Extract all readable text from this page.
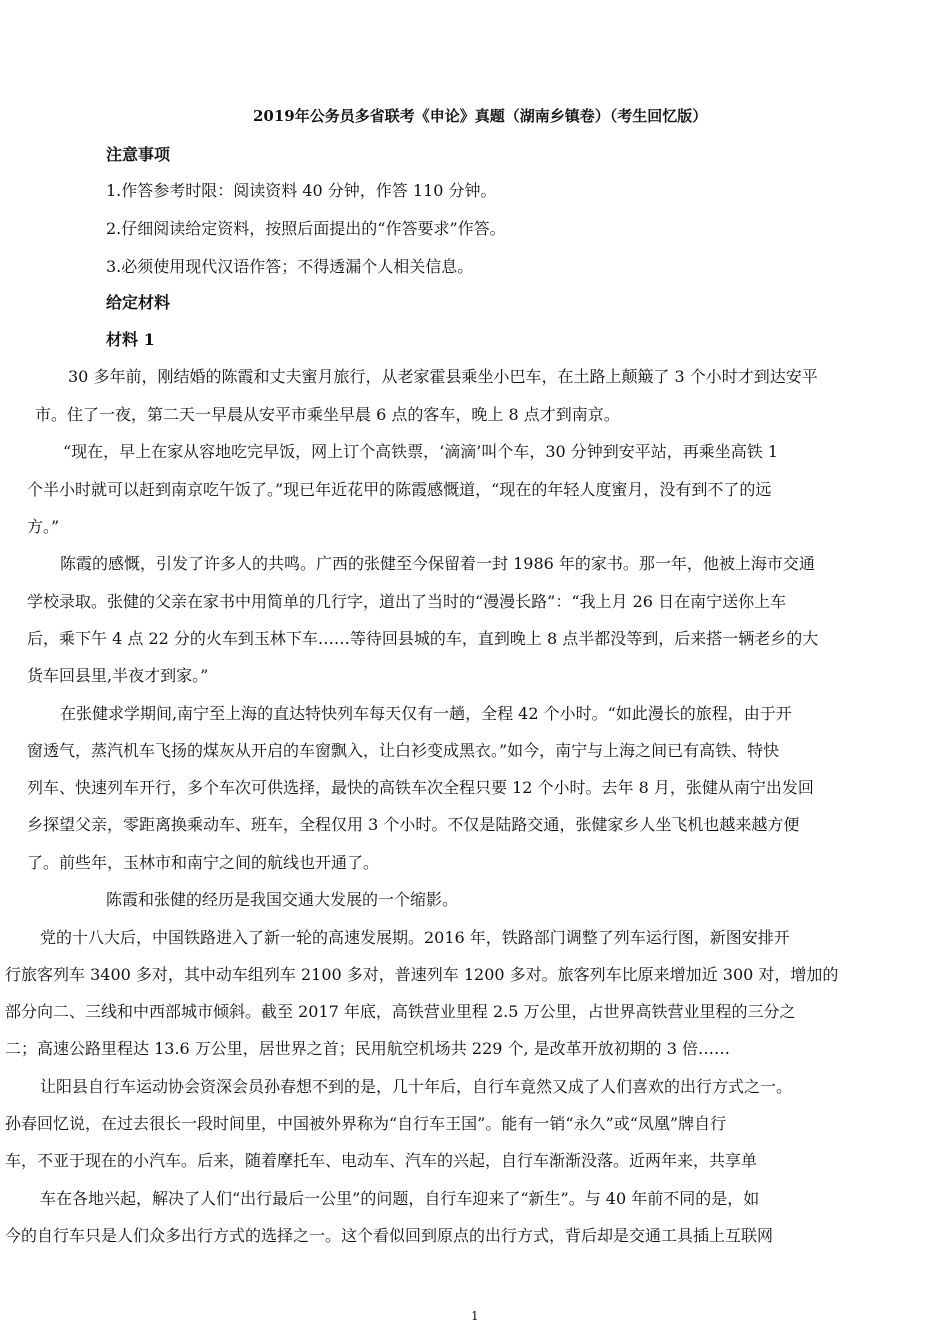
2019年公务员多省联考《申论》真题（湖南乡镇卷）（考生回忆版）
注意事项
1.作答参考时限：阅读资料 40 分钟，作答 110 分钟。
2.仔细阅读给定资料，按照后面提出的“作答要求”作答。
3.必须使用现代汉语作答；不得透漏个人相关信息。
给定材料
材料 1
30 多年前，刚结婚的陈霞和丈夫蜜月旅行，从老家霍县乘坐小巴车，在土路上颠簸了 3 个小时才到达安平
市。住了一夜，第二天一早晨从安平市乘坐早晨 6 点的客车，晚上 8 点才到南京。
“现在，早上在家从容地吃完早饭，网上订个高铁票，‘滴滴’叫个车，30 分钟到安平站，再乘坐高铁 1
个半小时就可以赶到南京吃午饭了。”现已年近花甲的陈霞感慨道，“现在的年轻人度蜜月，没有到不了的远
方。”
陈霞的感慨，引发了许多人的共鸣。广西的张健至今保留着一封 1986 年的家书。那一年，他被上海市交通
学校录取。张健的父亲在家书中用简单的几行字，道出了当时的“漫漫长路”：“我上月 26 日在南宁送你上车
后，乘下午 4 点 22 分的火车到玉林下车……等待回县城的车，直到晚上 8 点半都没等到，后来搭一辆老乡的大
货车回县里,半夜才到家。”
在张健求学期间,南宁至上海的直达特快列车每天仅有一趟，全程 42 个小时。“如此漫长的旅程，由于开
窗透气，蒸汽机车飞扬的煤灰从开启的车窗飘入，让白衫变成黑衣。”如今，南宁与上海之间已有高铁、特快
列车、快速列车开行，多个车次可供选择，最快的高铁车次全程只要 12 个小时。去年 8 月，张健从南宁出发回
乡探望父亲，零距离换乘动车、班车，全程仅用 3 个小时。不仅是陆路交通，张健家乡人坐飞机也越来越方便
了。前些年，玉林市和南宁之间的航线也开通了。
陈霞和张健的经历是我国交通大发展的一个缩影。
党的十八大后，中国铁路进入了新一轮的高速发展期。2016 年，铁路部门调整了列车运行图，新图安排开
行旅客列车 3400 多对，其中动车组列车 2100 多对，普速列车 1200 多对。旅客列车比原来增加近 300 对，增加的
部分向二、三线和中西部城市倾斜。截至 2017 年底，高铁营业里程 2.5 万公里，占世界高铁营业里程的三分之
二；高速公路里程达 13.6 万公里，居世界之首；民用航空机场共 229 个, 是改革开放初期的 3 倍……
让阳县自行车运动协会资深会员孙春想不到的是，几十年后，自行车竟然又成了人们喜欢的出行方式之一。
孙春回忆说，在过去很长一段时间里，中国被外界称为“自行车王国”。能有一销“永久”或“凤凰”牌自行
车，不亚于现在的小汽车。后来，随着摩托车、电动车、汽车的兴起，自行车渐渐没落。近两年来，共享单
车在各地兴起，解决了人们“出行最后一公里”的问题，自行车迎来了“新生”。与 40 年前不同的是，如
今的自行车只是人们众多出行方式的选择之一。这个看似回到原点的出行方式，背后却是交通工具插上互联网
1
